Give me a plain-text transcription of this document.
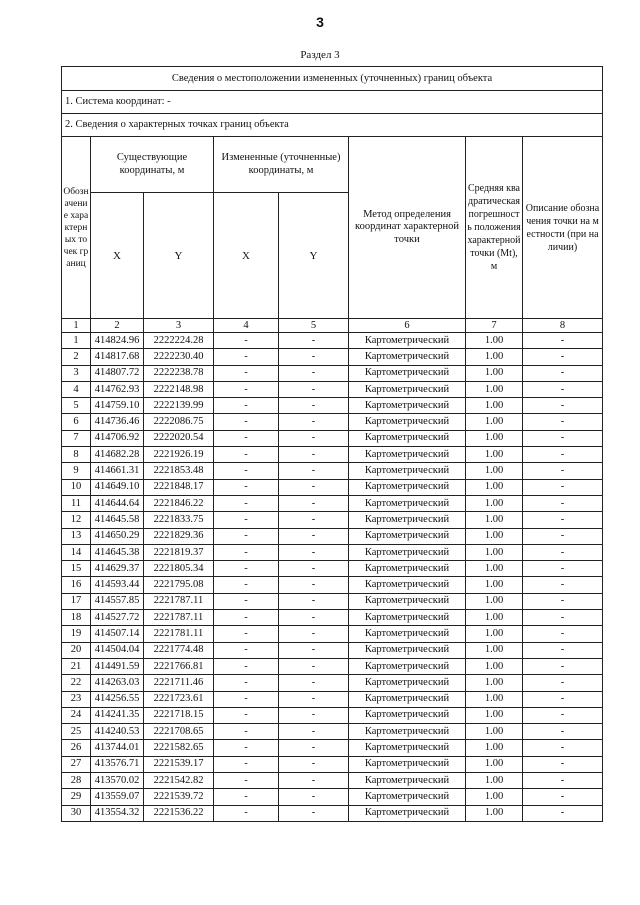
3
Раздел 3
Сведения о местоположении измененных (уточненных) границ объекта							
1. Система координат: -							
2. Сведения о характерных точках границ объекта							
Обозначение характерных точек границ	Существующие координаты, м		Измененные (уточненные) координаты, м		Метод определения координат характерной точки	Средняя квадратическая погрешность положения характерной точки (Mt), м	Описание обозначения точки на местности (при наличии)
	X	Y	X	Y			
1	2	3	4	5	6	7	8
1	414824.96	2222224.28	-	-	Картометрический	1.00	-
2	414817.68	2222230.40	-	-	Картометрический	1.00	-
3	414807.72	2222238.78	-	-	Картометрический	1.00	-
4	414762.93	2222148.98	-	-	Картометрический	1.00	-
5	414759.10	2222139.99	-	-	Картометрический	1.00	-
6	414736.46	2222086.75	-	-	Картометрический	1.00	-
7	414706.92	2222020.54	-	-	Картометрический	1.00	-
8	414682.28	2221926.19	-	-	Картометрический	1.00	-
9	414661.31	2221853.48	-	-	Картометрический	1.00	-
10	414649.10	2221848.17	-	-	Картометрический	1.00	-
11	414644.64	2221846.22	-	-	Картометрический	1.00	-
12	414645.58	2221833.75	-	-	Картометрический	1.00	-
13	414650.29	2221829.36	-	-	Картометрический	1.00	-
14	414645.38	2221819.37	-	-	Картометрический	1.00	-
15	414629.37	2221805.34	-	-	Картометрический	1.00	-
16	414593.44	2221795.08	-	-	Картометрический	1.00	-
17	414557.85	2221787.11	-	-	Картометрический	1.00	-
18	414527.72	2221787.11	-	-	Картометрический	1.00	-
19	414507.14	2221781.11	-	-	Картометрический	1.00	-
20	414504.04	2221774.48	-	-	Картометрический	1.00	-
21	414491.59	2221766.81	-	-	Картометрический	1.00	-
22	414263.03	2221711.46	-	-	Картометрический	1.00	-
23	414256.55	2221723.61	-	-	Картометрический	1.00	-
24	414241.35	2221718.15	-	-	Картометрический	1.00	-
25	414240.53	2221708.65	-	-	Картометрический	1.00	-
26	413744.01	2221582.65	-	-	Картометрический	1.00	-
27	413576.71	2221539.17	-	-	Картометрический	1.00	-
28	413570.02	2221542.82	-	-	Картометрический	1.00	-
29	413559.07	2221539.72	-	-	Картометрический	1.00	-
30	413554.32	2221536.22	-	-	Картометрический	1.00	-
